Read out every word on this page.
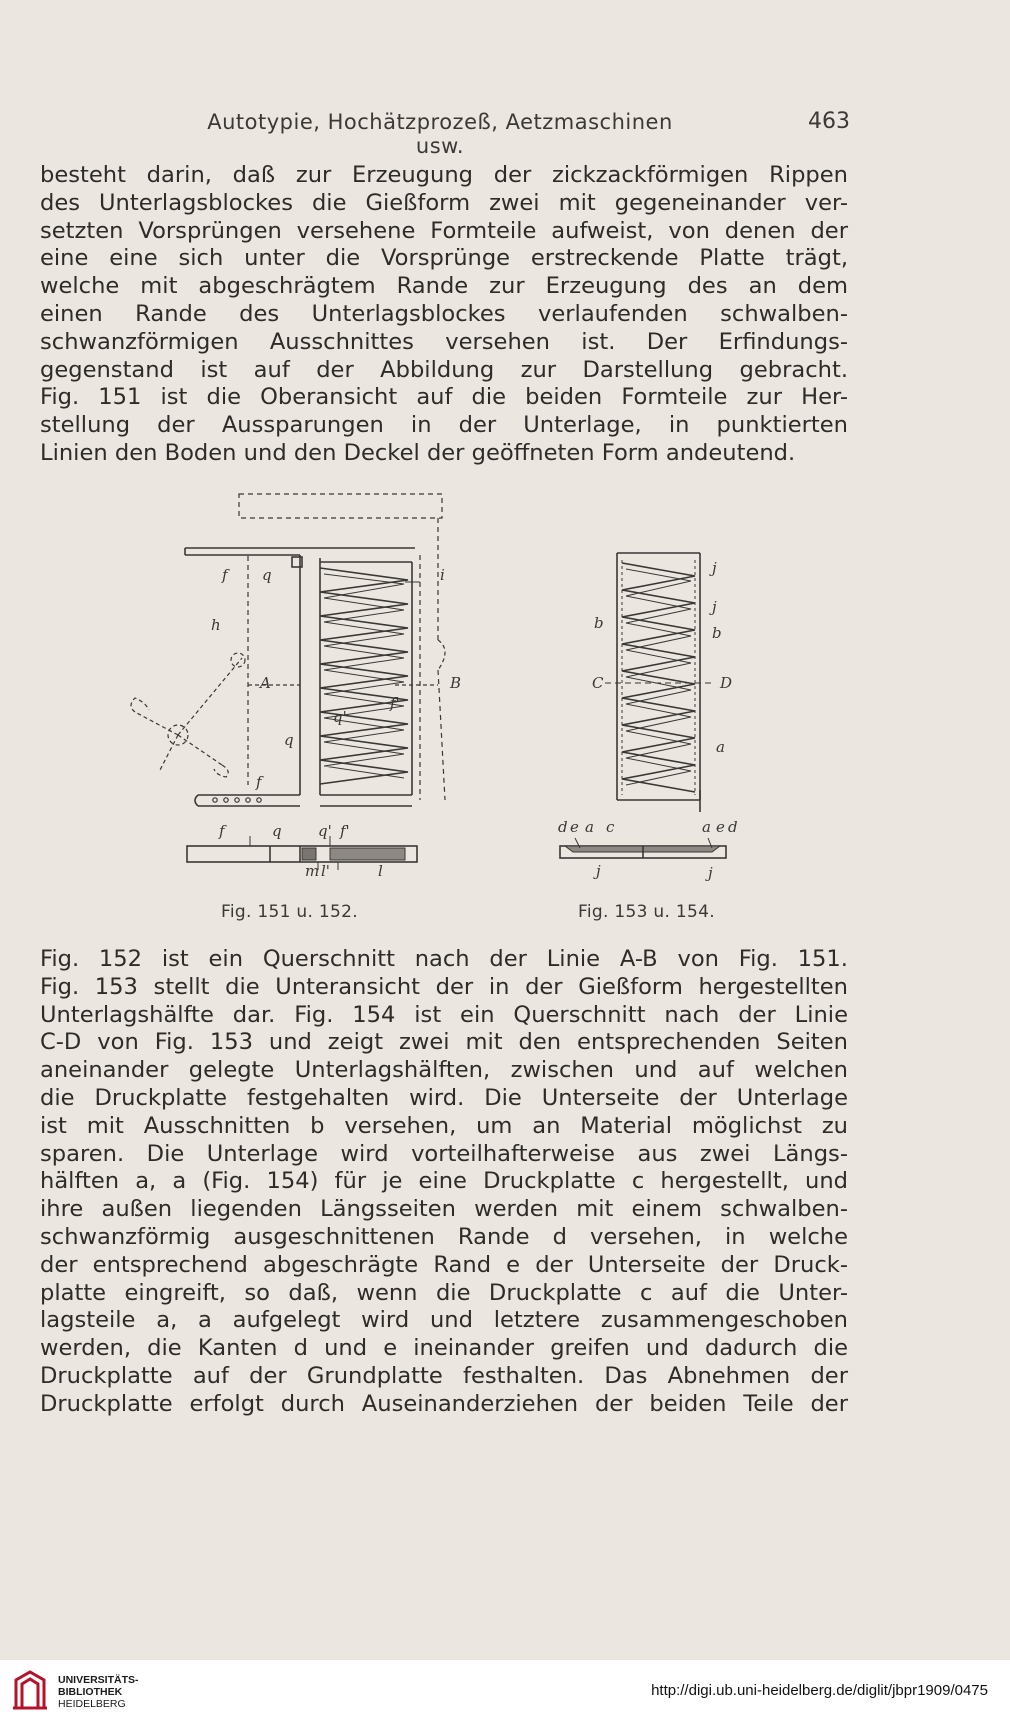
Autotypie, Hochätzprozeß, Aetzmaschinen usw.
463
besteht darin, daß zur Erzeugung der zickzackförmigen Rippen
des Unterlagsblockes die Gießform zwei mit gegeneinander ver-
setzten Vorsprüngen versehene Formteile aufweist, von denen der
eine eine sich unter die Vorsprünge erstreckende Platte trägt,
welche mit abgeschrägtem Rande zur Erzeugung des an dem
einen Rande des Unterlagsblockes verlaufenden schwalben-
schwanzförmigen Ausschnittes versehen ist. Der Erfindungs-
gegenstand ist auf der Abbildung zur Darstellung gebracht.
Fig. 151 ist die Oberansicht auf die beiden Formteile zur Her-
stellung der Aussparungen in der Unterlage, in punktierten
Linien den Boden und den Deckel der geöffneten Form andeutend.
f q	i
h
A	B
f'
q'
q
f
f	q q' f'
m l'	l
j
j
b
b
C	D
a
d e a c	a e d
j	j
Fig. 151 u. 152.	Fig. 153 u. 154.
Fig. 152 ist ein Querschnitt nach der Linie A-B von Fig. 151.
Fig. 153 stellt die Unteransicht der in der Gießform hergestellten
Unterlagshälfte dar. Fig. 154 ist ein Querschnitt nach der Linie
C-D von Fig. 153 und zeigt zwei mit den entsprechenden Seiten
aneinander gelegte Unterlagshälften, zwischen und auf welchen
die Druckplatte festgehalten wird. Die Unterseite der Unterlage
ist mit Ausschnitten b versehen, um an Material möglichst zu
sparen. Die Unterlage wird vorteilhafterweise aus zwei Längs-
hälften a, a (Fig. 154) für je eine Druckplatte c hergestellt, und
ihre außen liegenden Längsseiten werden mit einem schwalben-
schwanzförmig ausgeschnittenen Rande d versehen, in welche
der entsprechend abgeschrägte Rand e der Unterseite der Druck-
platte eingreift, so daß, wenn die Druckplatte c auf die Unter-
lagsteile a, a aufgelegt wird und letztere zusammengeschoben
werden, die Kanten d und e ineinander greifen und dadurch die
Druckplatte auf der Grundplatte festhalten. Das Abnehmen der
Druckplatte erfolgt durch Auseinanderziehen der beiden Teile der
UNIVERSITÄTS-
BIBLIOTHEK
HEIDELBERG
http://digi.ub.uni-heidelberg.de/diglit/jbpr1909/0475
